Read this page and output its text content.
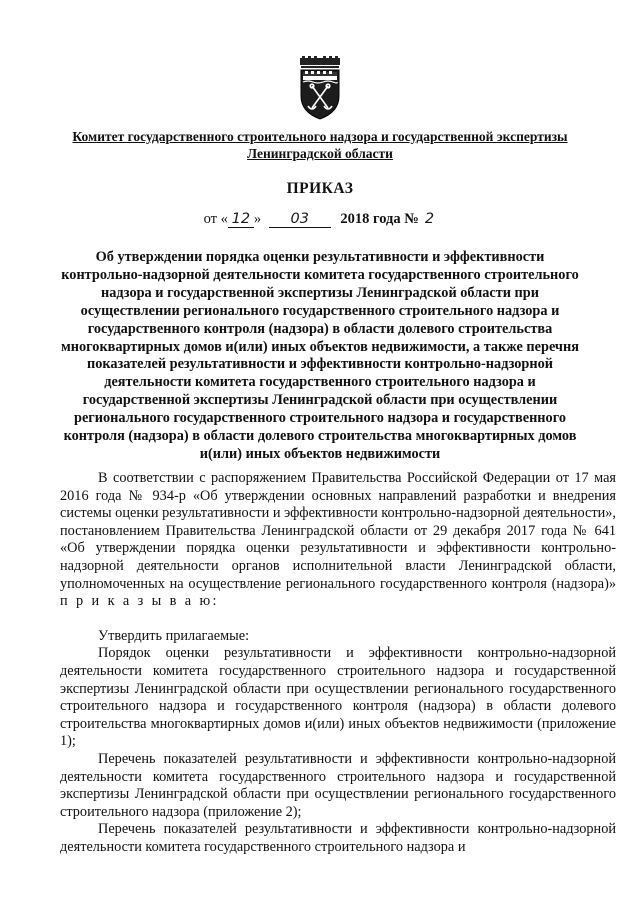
Комитет государственного строительного надзора и государственной экспертизы
Ленинградской области
ПРИКАЗ
от « 12 » 03 2018 года № 2
Об утверждении порядка оценки результативности и эффективности
контрольно-надзорной деятельности комитета государственного строительного
надзора и государственной экспертизы Ленинградской области при
осуществлении регионального государственного строительного надзора и
государственного контроля (надзора) в области долевого строительства
многоквартирных домов и(или) иных объектов недвижимости, а также перечня
показателей результативности и эффективности контрольно-надзорной
деятельности комитета государственного строительного надзора и
государственной экспертизы Ленинградской области при осуществлении
регионального государственного строительного надзора и государственного
контроля (надзора) в области долевого строительства многоквартирных домов
и(или) иных объектов недвижимости

В соответствии с распоряжением Правительства Российской Федерации от 17 мая 2016 года № 934-р «Об утверждении основных направлений разработки и внедрения системы оценки результативности и эффективности контрольно-надзорной деятельности», постановлением Правительства Ленинградской области от 29 декабря 2017 года № 641 «Об утверждении порядка оценки результативности и эффективности контрольно-надзорной деятельности органов исполнительной власти Ленинградской области, уполномоченных на осуществление регионального государственного контроля (надзора)» п р и к а з ы в а ю:

Утвердить прилагаемые:

Порядок оценки результативности и эффективности контрольно-надзорной деятельности комитета государственного строительного надзора и государственной экспертизы Ленинградской области при осуществлении регионального государственного строительного надзора и государственного контроля (надзора) в области долевого строительства многоквартирных домов и(или) иных объектов недвижимости (приложение 1);

Перечень показателей результативности и эффективности контрольно-надзорной деятельности комитета государственного строительного надзора и государственной экспертизы Ленинградской области при осуществлении регионального государственного строительного надзора (приложение 2);

Перечень показателей результативности и эффективности контрольно-надзорной деятельности комитета государственного строительного надзора и
